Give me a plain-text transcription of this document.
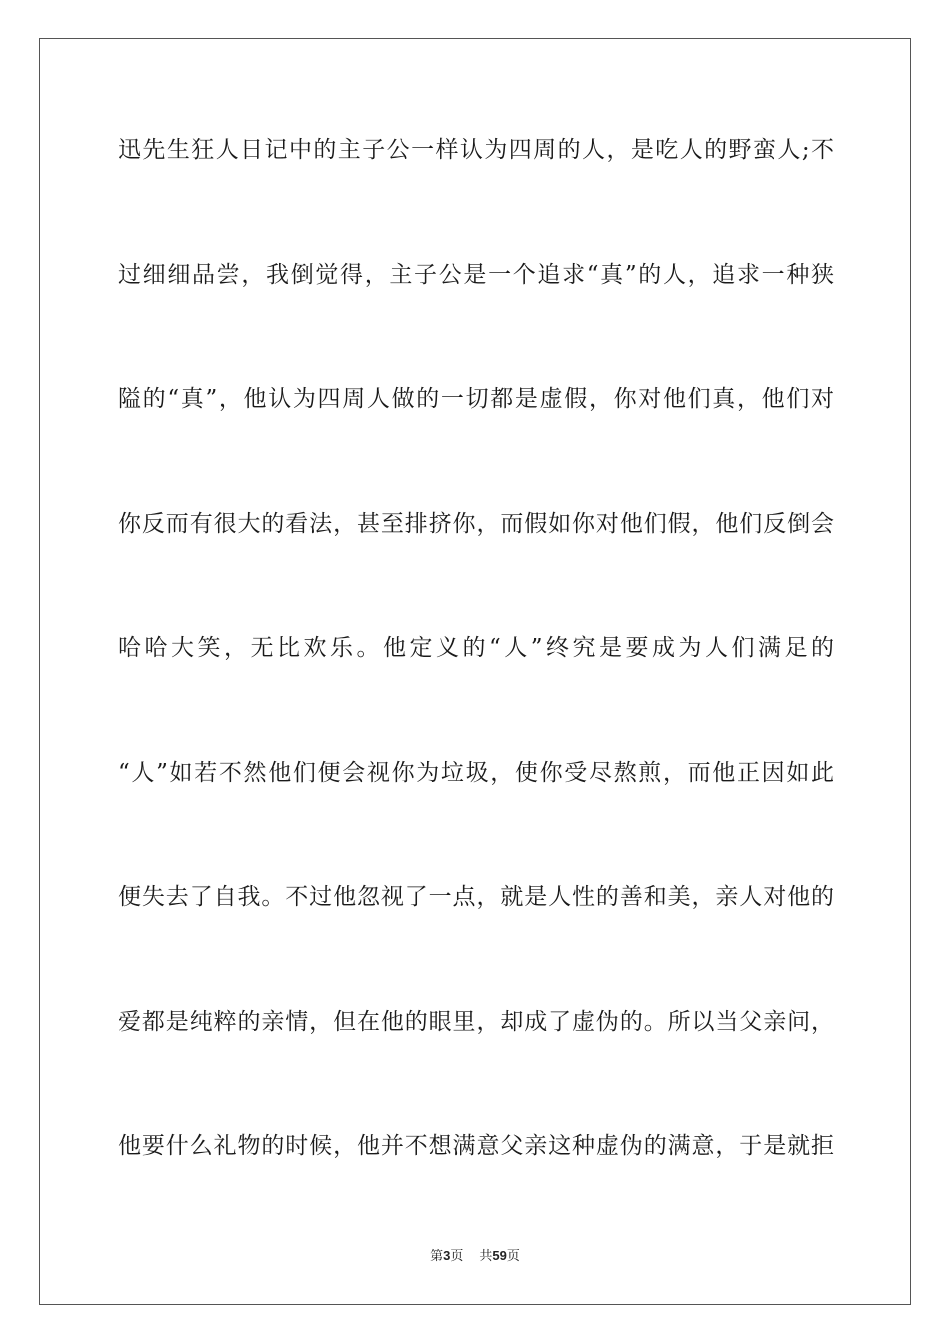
迅先生狂人日记中的主子公一样认为四周的人，是吃人的野蛮人;不
过细细品尝，我倒觉得，主子公是一个追求“真”的人，追求一种狭
隘的“真”，他认为四周人做的一切都是虚假，你对他们真，他们对
你反而有很大的看法，甚至排挤你，而假如你对他们假，他们反倒会
哈哈大笑，无比欢乐。他定义的“人”终究是要成为人们满足的
“人”如若不然他们便会视你为垃圾，使你受尽熬煎，而他正因如此
便失去了自我。不过他忽视了一点，就是人性的善和美，亲人对他的
爱都是纯粹的亲情，但在他的眼里，却成了虚伪的。所以当父亲问，
他要什么礼物的时候，他并不想满意父亲这种虚伪的满意，于是就拒
第3页 共59页
